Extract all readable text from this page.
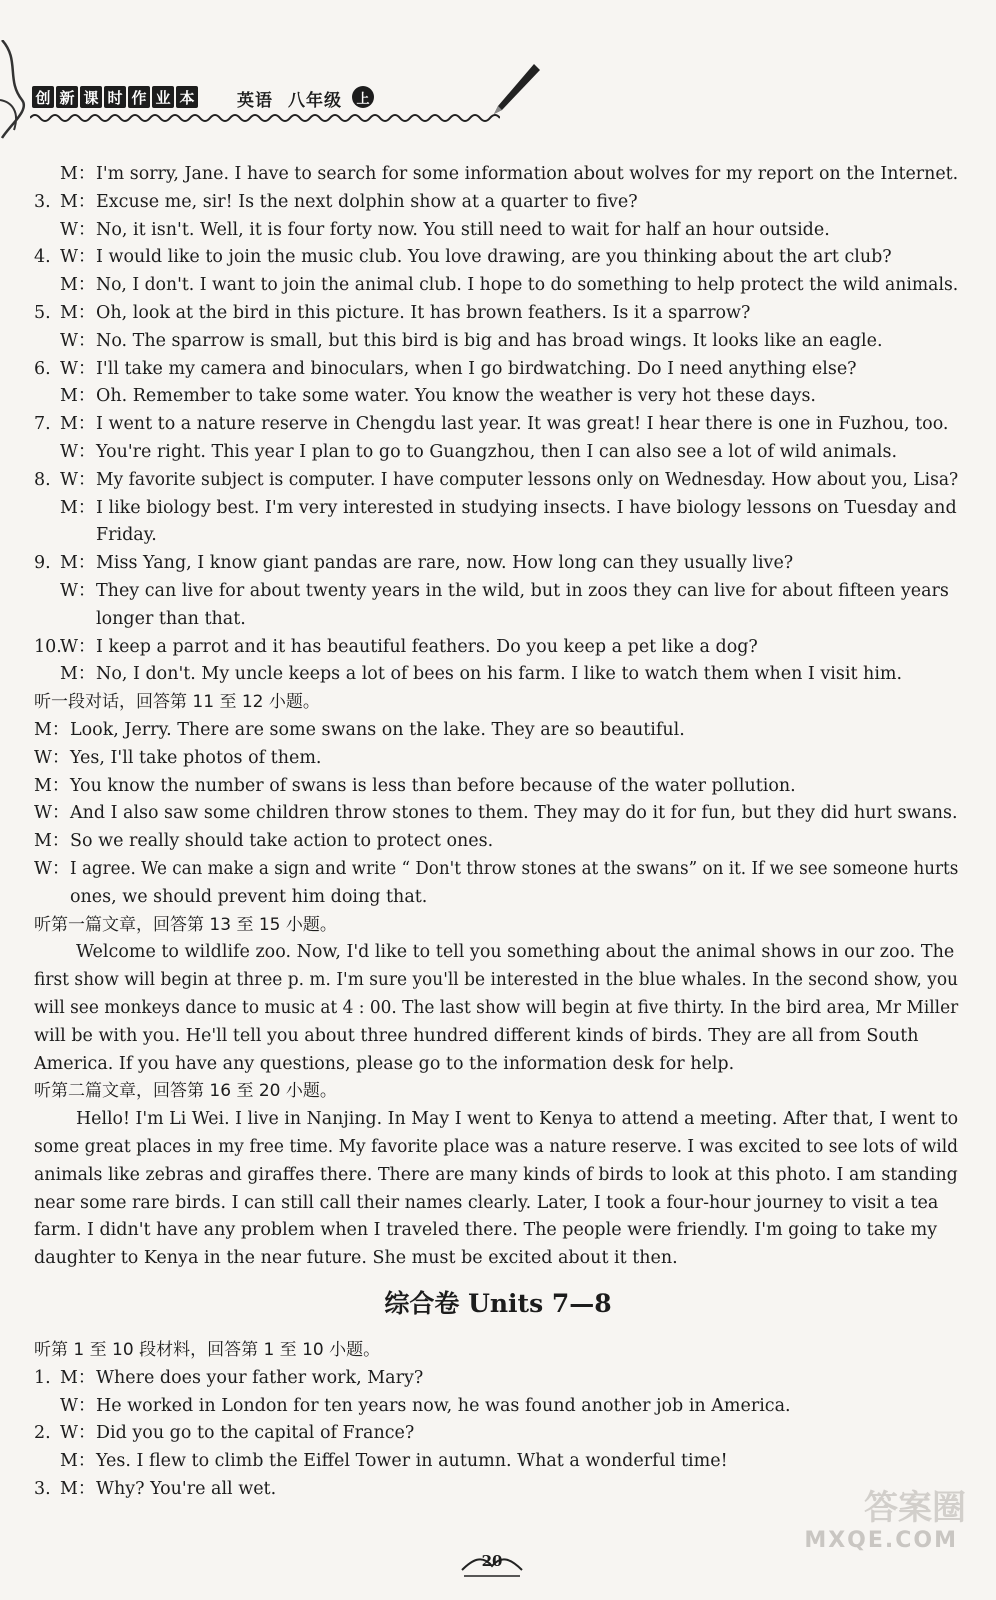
创 新 课 时 作 业 本	英语 八年级	上
M： I'm sorry, Jane. I have to search for some information about wolves for my report on the Internet.
3. M： Excuse me, sir! Is the next dolphin show at a quarter to five?
W： No, it isn't. Well, it is four forty now. You still need to wait for half an hour outside.
4. W： I would like to join the music club. You love drawing, are you thinking about the art club?
M： No, I don't. I want to join the animal club. I hope to do something to help protect the wild animals.
5. M： Oh, look at the bird in this picture. It has brown feathers. Is it a sparrow?
W： No. The sparrow is small, but this bird is big and has broad wings. It looks like an eagle.
6. W： I'll take my camera and binoculars, when I go birdwatching. Do I need anything else?
M： Oh. Remember to take some water. You know the weather is very hot these days.
7. M： I went to a nature reserve in Chengdu last year. It was great! I hear there is one in Fuzhou, too.
W： You're right. This year I plan to go to Guangzhou, then I can also see a lot of wild animals.
8. W： My favorite subject is computer. I have computer lessons only on Wednesday. How about you, Lisa?
M： I like biology best. I'm very interested in studying insects. I have biology lessons on Tuesday and
Friday.
9. M： Miss Yang, I know giant pandas are rare, now. How long can they usually live?
W： They can live for about twenty years in the wild, but in zoos they can live for about fifteen years
longer than that.
10.
W： I keep a parrot and it has beautiful feathers. Do you keep a pet like a dog?
M： No, I don't. My uncle keeps a lot of bees on his farm. I like to watch them when I visit him.
听一段对话，回答第 11 至 12 小题。
M： Look, Jerry. There are some swans on the lake. They are so beautiful.
W： Yes, I'll take photos of them.
M： You know the number of swans is less than before because of the water pollution.
W： And I also saw some children throw stones to them. They may do it for fun, but they did hurt swans.
M： So we really should take action to protect ones.
W： I agree. We can make a sign and write “ Don't throw stones at the swans” on it. If we see someone hurts
ones, we should prevent him doing that.
听第一篇文章，回答第 13 至 15 小题。
Welcome to wildlife zoo. Now, I'd like to tell you something about the animal shows in our zoo. The
first show will begin at three p. m. I'm sure you'll be interested in the blue whales. In the second show, you
will see monkeys dance to music at 4 : 00. The last show will begin at five thirty. In the bird area, Mr Miller
will be with you. He'll tell you about three hundred different kinds of birds. They are all from South
America. If you have any questions, please go to the information desk for help.
听第二篇文章，回答第 16 至 20 小题。
Hello! I'm Li Wei. I live in Nanjing. In May I went to Kenya to attend a meeting. After that, I went to
some great places in my free time. My favorite place was a nature reserve. I was excited to see lots of wild
animals like zebras and giraffes there. There are many kinds of birds to look at this photo. I am standing
near some rare birds. I can still call their names clearly. Later, I took a four-hour journey to visit a tea
farm. I didn't have any problem when I traveled there. The people were friendly. I'm going to take my
daughter to Kenya in the near future. She must be excited about it then.
听第 1 至 10 段材料，回答第 1 至 10 小题。
1. M： Where does your father work, Mary?
W： He worked in London for ten years now, he was found another job in America.
2. W： Did you go to the capital of France?
M： Yes. I flew to climb the Eiffel Tower in autumn. What a wonderful time!
3. M： Why? You're all wet.
综合卷 Units 7—8
20
答案圈
MXQE.COM
